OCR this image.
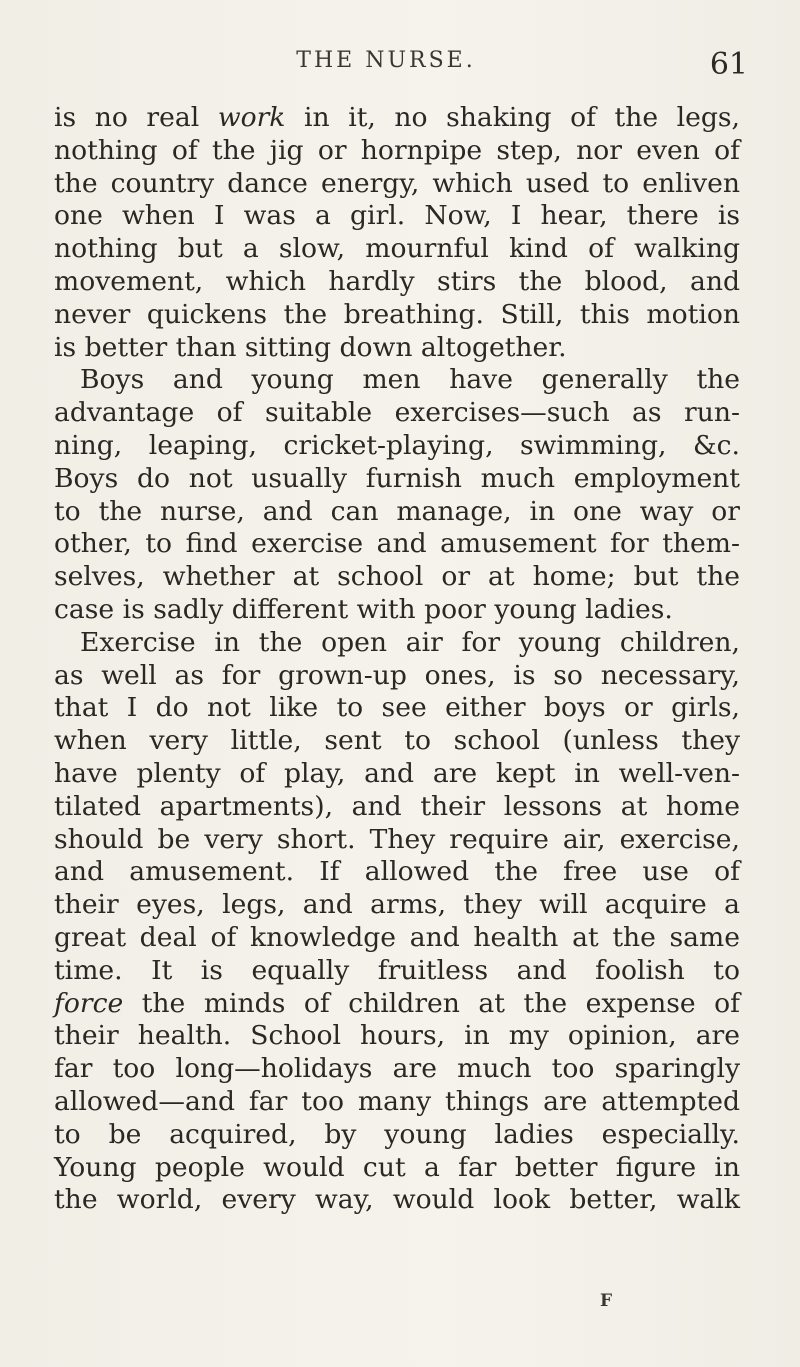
THE NURSE.	61
is no real work in it, no shaking of the legs,
nothing of the jig or hornpipe step, nor even of
the country dance energy, which used to enliven
one when I was a girl. Now, I hear, there is
nothing but a slow, mournful kind of walking
movement, which hardly stirs the blood, and
never quickens the breathing. Still, this motion
is better than sitting down altogether.
Boys and young men have generally the
advantage of suitable exercises—such as run-
ning, leaping, cricket-playing, swimming, &c.
Boys do not usually furnish much employment
to the nurse, and can manage, in one way or
other, to find exercise and amusement for them-
selves, whether at school or at home; but the
case is sadly different with poor young ladies.
Exercise in the open air for young children,
as well as for grown-up ones, is so necessary,
that I do not like to see either boys or girls,
when very little, sent to school (unless they
have plenty of play, and are kept in well-ven-
tilated apartments), and their lessons at home
should be very short. They require air, exercise,
and amusement. If allowed the free use of
their eyes, legs, and arms, they will acquire a
great deal of knowledge and health at the same
time. It is equally fruitless and foolish to
force the minds of children at the expense of
their health. School hours, in my opinion, are
far too long—holidays are much too sparingly
allowed—and far too many things are attempted
to be acquired, by young ladies especially.
Young people would cut a far better figure in
the world, every way, would look better, walk
F
